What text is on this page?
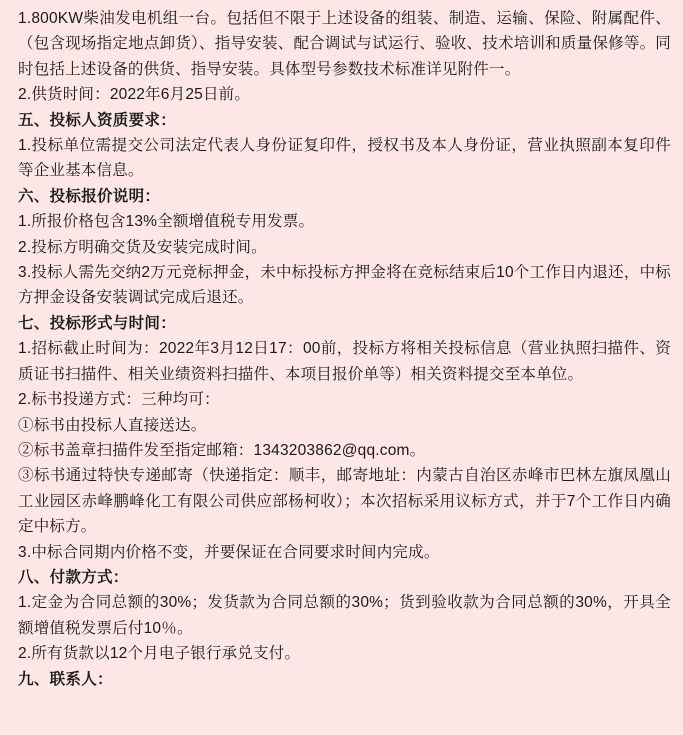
1.800KW柴油发电机组一台。包括但不限于上述设备的组装、制造、运输、保险、附属配件、（包含现场指定地点卸货）、指导安装、配合调试与试运行、验收、技术培训和质量保修等。同时包括上述设备的供货、指导安装。具体型号参数技术标准详见附件一。

2.供货时间：2022年6月25日前。

五、投标人资质要求：

1.投标单位需提交公司法定代表人身份证复印件，授权书及本人身份证，营业执照副本复印件等企业基本信息。

六、投标报价说明：

1.所报价格包含13%全额增值税专用发票。

2.投标方明确交货及安装完成时间。

3.投标人需先交纳2万元竞标押金，未中标投标方押金将在竞标结束后10个工作日内退还，中标方押金设备安装调试完成后退还。

七、投标形式与时间：

1.招标截止时间为：2022年3月12日17：00前，投标方将相关投标信息（营业执照扫描件、资质证书扫描件、相关业绩资料扫描件、本项目报价单等）相关资料提交至本单位。

2.标书投递方式：三种均可：

①标书由投标人直接送达。

②标书盖章扫描件发至指定邮箱：1343203862@qq.com。

③标书通过特快专递邮寄（快递指定：顺丰，邮寄地址：内蒙古自治区赤峰市巴林左旗凤凰山工业园区赤峰鹏峰化工有限公司供应部杨柯收）；本次招标采用议标方式，并于7个工作日内确定中标方。

3.中标合同期内价格不变，并要保证在合同要求时间内完成。

八、付款方式：

1.定金为合同总额的30%；发货款为合同总额的30%；货到验收款为合同总额的30%，开具全额增值税发票后付10％。

2.所有货款以12个月电子银行承兑支付。

九、联系人：
